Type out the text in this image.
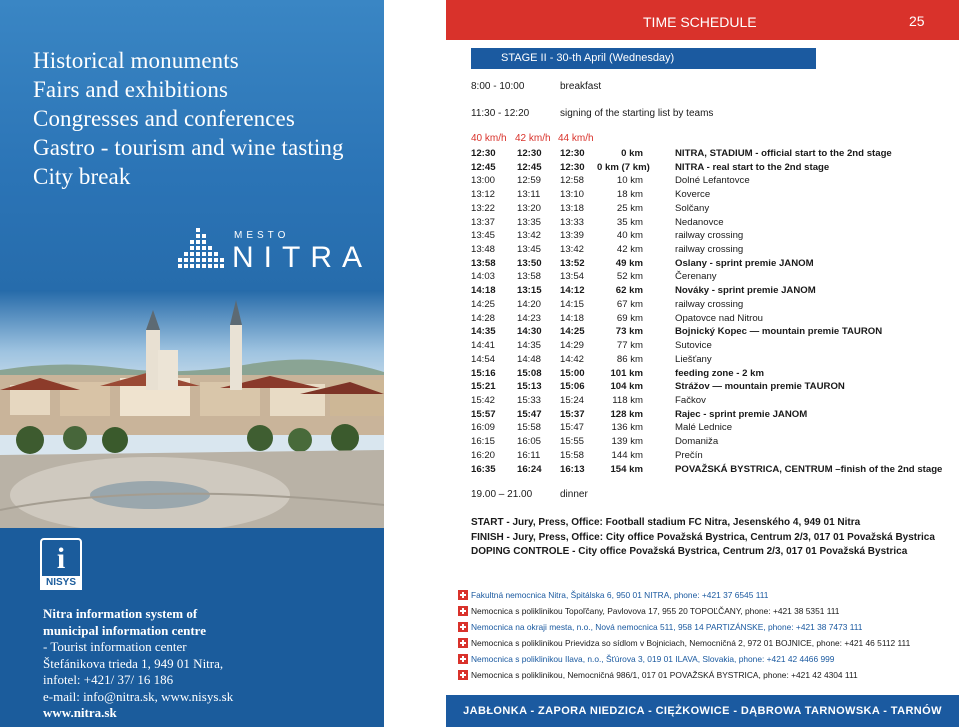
Historical monuments
Fairs and exhibitions
Congresses and conferences
Gastro - tourism and wine tasting
City break
MESTO
NITRA
i
NISYS
Nitra information system of
municipal information centre
- Tourist information center
Štefánikova trieda 1, 949 01 Nitra,
infotel: +421/ 37/ 16 186
e-mail: info@nitra.sk, www.nisys.sk
www.nitra.sk
TIME SCHEDULE	25
STAGE II - 30-th April (Wednesday)
8:00 - 10:00	breakfast
11:30 - 12:20	signing of the starting list by teams
40 km/h 42 km/h 44 km/h
12:30 12:30 12:30	0 km	NITRA, STADIUM - official start to the 2nd stage
12:45 12:45 12:30 0 km (7 km)	NITRA - real start to the 2nd stage
13:00 12:59 12:58	10 km	Dolné Lefantovce
13:12 13:11 13:10	18 km	Koverce
13:22 13:20 13:18	25 km	Solčany
13:37 13:35 13:33	35 km	Nedanovce
13:45 13:42 13:39	40 km	railway crossing
13:48 13:45 13:42	42 km	railway crossing
13:58 13:50 13:52	49 km	Oslany - sprint premie JANOM
14:03 13:58 13:54	52 km	Čerenany
14:18 13:15 14:12	62 km	Nováky - sprint premie JANOM
14:25 14:20 14:15	67 km	railway crossing
14:28 14:23 14:18	69 km	Opatovce nad Nitrou
14:35 14:30 14:25	73 km	Bojnický Kopec — mountain premie TAURON
14:41 14:35 14:29	77 km	Sutovice
14:54 14:48 14:42	86 km	Liešťany
15:16 15:08 15:00	101 km	feeding zone - 2 km
15:21 15:13 15:06	104 km	Strážov — mountain premie TAURON
15:42 15:33 15:24	118 km	Fačkov
15:57 15:47 15:37	128 km	Rajec - sprint premie JANOM
16:09 15:58 15:47	136 km	Malé Lednice
16:15 16:05 15:55	139 km	Domaniža
16:20 16:11 15:58	144 km	Prečín
16:35 16:24 16:13	154 km	POVAŽSKÁ BYSTRICA, CENTRUM –finish of the 2nd stage
19.00 – 21.00	dinner
START - Jury, Press, Office: Football stadium FC Nitra, Jesenského 4, 949 01 Nitra
FINISH - Jury, Press, Office: City office Považská Bystrica, Centrum 2/3, 017 01 Považská Bystrica
DOPING CONTROLE - City office Považská Bystrica, Centrum 2/3, 017 01 Považská Bystrica
Fakultná nemocnica Nitra, Špitálska 6, 950 01 NITRA, phone: +421 37 6545 111
Nemocnica s poliklinikou Topoľčany, Pavlovova 17, 955 20 TOPOĽČANY, phone: +421 38 5351 111
Nemocnica na okraji mesta, n.o., Nová nemocnica 511, 958 14 PARTIZÁNSKE, phone: +421 38 7473 111
Nemocnica s poliklinikou Prievidza so sídlom v Bojniciach, Nemocničná 2, 972 01 BOJNICE, phone: +421 46 5112 111
Nemocnica s poliklinikou Ilava, n.o., Šťúrova 3, 019 01 ILAVA, Slovakia, phone: +421 42 4466 999
Nemocnica s poliklinikou, Nemocničná 986/1, 017 01 POVAŽSKÁ BYSTRICA, phone: +421 42 4304 111
JABŁONKA - ZAPORA NIEDZICA - CIĘŻKOWICE - DĄBROWA TARNOWSKA - TARNÓW
